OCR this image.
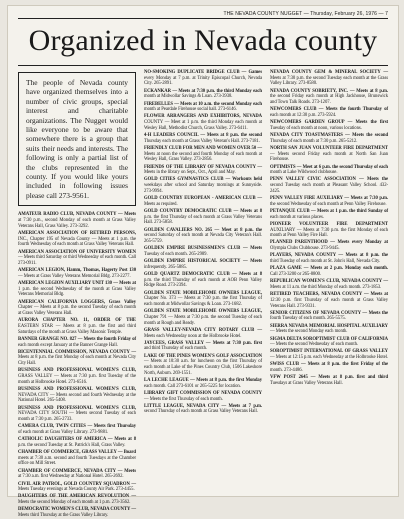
THE NEVADA COUNTY NUGGET — Thursday, February 26, 1976 — 7
Organized in Nevada county
The people of Nevada county have organized themselves into a number of civic groups, special interest and charitable organizations. The Nugget would like everyone to be aware that somewhere there is a group that suits their needs and interests. The following is only a partial list of the clubs represented in the county. If you would like yours included in following issues please call 273-9561.

AMATEUR RADIO CLUB, NEVADA COUNTY — Meets at 7:30 p.m., second Monday of each month at Grass Valley Veterans Hall, Grass Valley. 273-3292.

AMERICAN ASSOCIATION OF RETIRED PERSONS, INC., Chapter 195 of Nevada County — Meets at 1 p.m. the fourth Wednesday of each month at Grass Valley Veterans Hall.

AMERICAN ASSOCIATION OF UNIVERSITY WOMEN — Meets third Saturday or third Wednesday of each month. Call 273-0911.

AMERICAN LEGION, Hamm, Thomas, Hagerty Post 130 — Meets at Grass Valley Veterans Memorial Bldg. 273-2277.

AMERICAN LEGION AUXILIARY UNIT 130 — Meets at 1 p.m. the second Wednesday of the month at Grass Valley Veterans Memorial Bldg.

AMERICAN CALIFORNIA LOGGERS, Grass Valley Chapter — Meets at 8 p.m. the second Tuesday of each month at Grass Valley Veterans Hall.

AURORA CHAPTER NO. 11, ORDER OF THE EASTERN STAR — Meets at 8 p.m. the first and third Saturdays of the month at Grass Valley Masonic Temple.

BANNER GRANGE NO. 827 — Meets the fourth Friday of each month except January at the Banner Grange Hall.

BICENTENNIAL COMMISSION, NEVADA COUNTY — Meets at 8 p.m. the first Monday of each month at Nevada City City Hall.

BUSINESS AND PROFESSIONAL WOMEN'S CLUB, GRASS VALLEY — Meets at 7:30 p.m. first Tuesday of the month at Holbrooke Hotel. 273-6516.

BUSINESS AND PROFESSIONAL WOMEN'S CLUB, NEVADA CITY — Meets second and fourth Wednesday at the National Hotel. 265-5408.

BUSINESS AND PROFESSIONAL WOMEN'S CLUB, NEVADA CITY SOUTH — Meets second Tuesday of each month at 7:30 p.m. 265-2733.

CAMERA CLUB, TWIN CITIES — Meets first Thursday of each month at Grass Valley Library. 273-9881.

CATHOLIC DAUGHTERS OF AMERICA — Meets at 8 p.m. the second Tuesday at St. Patrick's Hall, Grass Valley.

CHAMBER OF COMMERCE, GRASS VALLEY — Board meets at 7:30 a.m. second and fourth Tuesdays at the Chamber office on Mill Street.

CHAMBER OF COMMERCE, NEVADA CITY — Meets at 7:30 a.m. first Wednesday at National Hotel. 265-2692.

CIVIL AIR PATROL, GOLD COUNTRY SQUADRON — Meets Tuesday evenings at Nevada County Air Park. 273-4455.

DAUGHTERS OF THE AMERICAN REVOLUTION — Meets the second Monday of each month at 1 p.m. 273-3562.

DEMOCRATIC WOMEN'S CLUB, NEVADA COUNTY — Meets third Thursday at the Grass Valley Library.

NO-SMOKING DUPLICATE BRIDGE CLUB — Games every Monday at 7 p.m. at Trinity Episcopal Church, Nevada City. 265-2891.

ECKANKAR — Meets at 7:30 p.m. the third Monday each month at Midwollar Savings & Loan. 273-3938.

FIREBELLES — Meets at 10 a.m. the second Monday each month at Peardale Firehouse social hall. 273-6146.

FLOWER ARRANGERS AND EXHIBITORS, NEVADA COUNTY — Meet at 1 p.m. the third Monday each month at Wesley Hall, Methodist Church, Grass Valley. 273-6411.

4-H LEADERS COUNCIL — Meets at 8 p.m. the second Thursday each month at Grass Valley Veteran's Hall. 273-7181.

FRIENDLY CLUB FOR MEN AND WOMEN OVER 50 — Meets at noon the second and fourth Monday of each month at Wesley Hall, Grass Valley. 273-2856.

FRIENDS OF THE LIBRARY OF NEVADA COUNTY — Meets in the library on Sept., Oct., April and May.

GOLD CITIES GYMNASTICS CLUB — Workouts held weekdays after school and Saturday mornings at Sunnyside. 273-9994.

GOLD COUNTRY EUROPEAN - AMERICAN CLUB — Meets as required.

GOLD COUNTRY DEMOCRATIC CLUB — Meets at 8 p.m. the first Thursday of each month at Grass Valley Veterans Hall. 273-5858.

GOLDEN CAVALIERS NO. 265 — Meet at 8 p.m. the second Saturday of each month at Nevada City Veteran's Hall. 265-5759.

GOLDEN EMPIRE BUSINESSMEN'S CLUB — Meets Tuesday of each month. 265-2989.

GOLDEN EMPIRE HISTORICAL SOCIETY — Meets infrequently. 265-5885.

GOLD QUARTZ DEMOCRATIC CLUB — Meets at 8 p.m. the third Thursday of each month at AOB Penn Valley Ridge Road. 273-2394.

GOLDEN STATE MOBILEHOME OWNERS LEAGUE, Chapter No. 373 — Meets at 7:30 p.m. the first Thursday of each month at Midwollar Savings & Loan. 273-1682.

GOLDEN STATE MOBILEHOME OWNERS LEAGUE, Chapter 791 — Meets at 7:30 p.m. the second Tuesday of each month at Rough and Ready.

GRASS VALLEY-NEVADA CITY ROTARY CLUB — Meets each Wednesday noon at the Holbrooke Hotel.

JAYCEES, GRASS VALLEY — Meets at 7:30 p.m. first and third Thursday of each month.

LAKE OF THE PINES WOMEN'S GOLF ASSOCIATION — Meets at 10:30 a.m. for luncheon on the first Thursday of each month at Lake of the Pines Country Club, 1506 Lakeshore North, Auburn. 269-1551.

LA LECHE LEAGUE — Meets at 8 p.m. the first Monday each month. Call 273-6101 or 265-5225 for location.

LIBRARY GIFT COMMISSION OF NEVADA COUNTY — Meets the first Thursday of each month.

LITTLE LEAGUE, NEVADA CITY — Meets at 7 p.m. second Thursday of each month at Grass Valley Veterans Hall.

NEVADA COUNTY GEM & MINERAL SOCIETY — Meets at 7:30 p.m. the second Tuesday each month at the Grass Valley Library. 273-8580.

NEVADA COUNTY SOBRIETY, INC. — Meets at 8 p.m. the second Friday each month at High Jackhouse, Brunswick and Town Talk Roads. 273-1207.

NEWCOMERS CLUB — Meets the fourth Thursday of each month at 12:30 p.m. 273-5924.

NEWCOMERS GARDEN GROUP — Meets the first Tuesday of each month at noon, various locations.

NEVADA CITY TOASTMASTERS — Meets the second Thursday of each month at 7:30 p.m. 265-5212.

NORTH SAN JUAN VOLUNTEER FIRE DEPARTMENT — Meets second Friday each month at North San Juan Firehouse.

OPTIMISTS — Meet at 6 p.m. the second Thursday of each month at Lake Wildwood clubhouse.

PENN VALLEY CIVIC ASSOCIATION — Meets the second Tuesday each month at Pleasant Valley School. 432-2425.

PENN VALLEY FIRE AUXILIARY — Meets at 7:30 p.m. the second Wednesday of each month at Penn Valley Firehouse.

PETANQUE CLUB — Meets at 1 p.m. the third Sunday of each month at various places.

PIONEER VOLUNTEER FIRE DEPARTMENT AUXILIARY — Meets at 7:30 p.m. the first Monday of each month at Penn Valley Fire Hall.

PLANNED PARENTHOOD — Meets every Monday at Olympia Clubs Clubhouse. 273-9445.

PLAYERS, NEVADA COUNTY — Meets at 8 p.m. the third Tuesday of each month at St. John's Hall, Nevada City.

PLAZA GAME — Meets at 2 p.m. Monday each month. Call 273-3200 or 265-8800.

REPUBLICAN WOMEN'S CLUB, NEVADA COUNTY — Meets at 11 a.m. the third Monday of each month. 273-1853.

RETIRED TEACHERS, NEVADA COUNTY — Meets at 12:30 p.m. first Thursday of each month at Grass Valley Veterans Hall. 273-9331.

SENIOR CITIZENS OF NEVADA COUNTY — Meets the fourth Tuesday of each month. 265-5575.

SIERRA NEVADA MEMORIAL HOSPITAL AUXILIARY — Meets the second Monday each month.

SIGMA DELTA SOROPTIMIST CLUB OF CALIFORNIA — Meets the second Wednesday of each month.

SOROPTIMIST INTERNATIONAL OF GRASS VALLEY — Meets at 12:15 p.m. each Wednesday at the Holbrooke Hotel.

SWISS CLUB — Meets at 8 p.m. the first Friday of the month. 273-4486.

VFW POST 2645 — Meets at 8 p.m. first and third Tuesdays at Grass Valley Veterans Hall.
